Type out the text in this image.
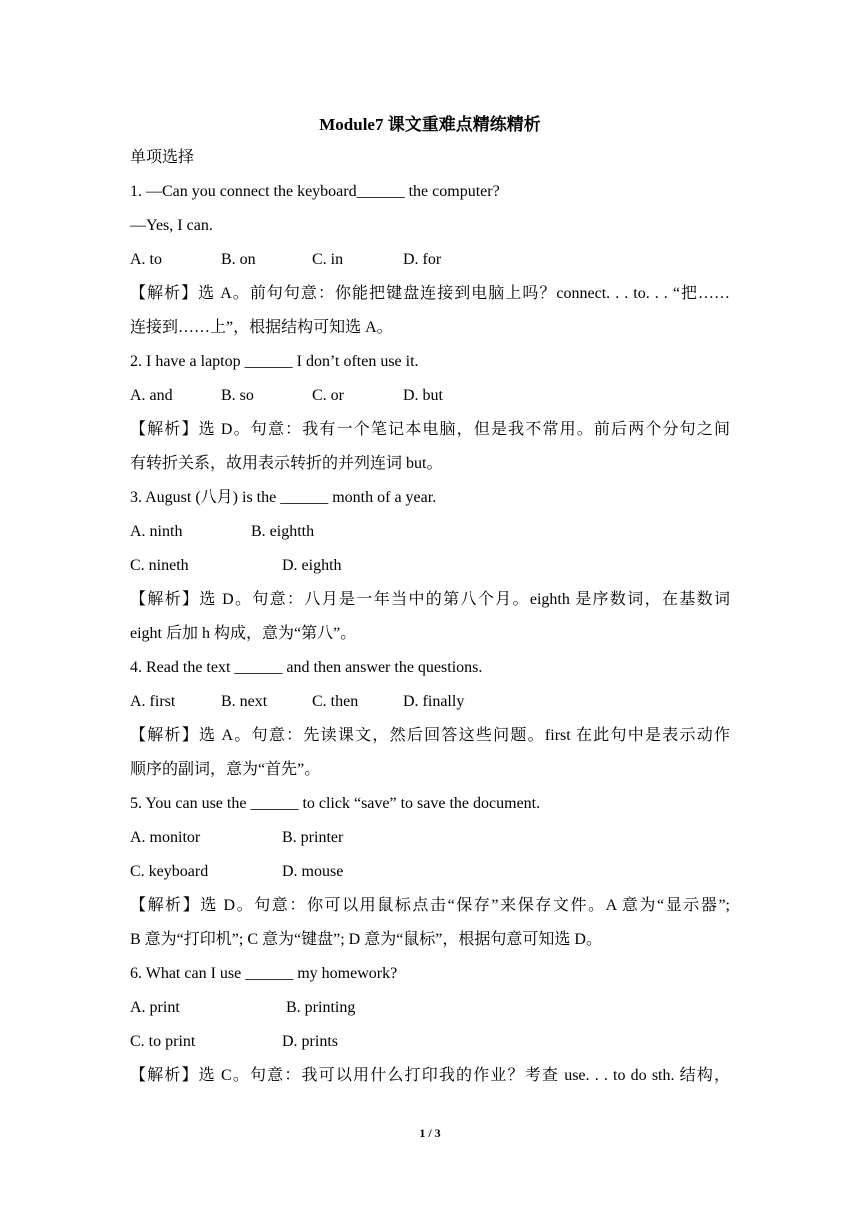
Module7 课文重难点精练精析
单项选择
1. —Can you connect the keyboard______ the computer?
—Yes, I can.
A. to	B. on	C. in	D. for
【解析】选 A。前句句意：你能把键盘连接到电脑上吗？connect. . . to. . . “把……
连接到……上”，根据结构可知选 A。
2. I have a laptop ______ I don’t often use it.
A. and	B. so	C. or	D. but
【解析】选 D。句意：我有一个笔记本电脑，但是我不常用。前后两个分句之间
有转折关系，故用表示转折的并列连词 but。
3. August (八月) is the ______ month of a year.
A. ninth	B. eightth
C. nineth	D. eighth
【解析】选 D。句意：八月是一年当中的第八个月。eighth 是序数词，在基数词
eight 后加 h 构成，意为“第八”。
4. Read the text ______ and then answer the questions.
A. first	B. next	C. then	D. finally
【解析】选 A。句意：先读课文，然后回答这些问题。first 在此句中是表示动作
顺序的副词，意为“首先”。
5. You can use the ______ to click “save” to save the document.
A. monitor	B. printer
C. keyboard	D. mouse
【解析】选 D。句意：你可以用鼠标点击“保存”来保存文件。A 意为“显示器”;
B 意为“打印机”; C 意为“键盘”; D 意为“鼠标”，根据句意可知选 D。
6. What can I use ______ my homework?
A. print	B. printing
C. to print	D. prints
【解析】选 C。句意：我可以用什么打印我的作业？考查 use. . . to do sth. 结构，
1 / 3
